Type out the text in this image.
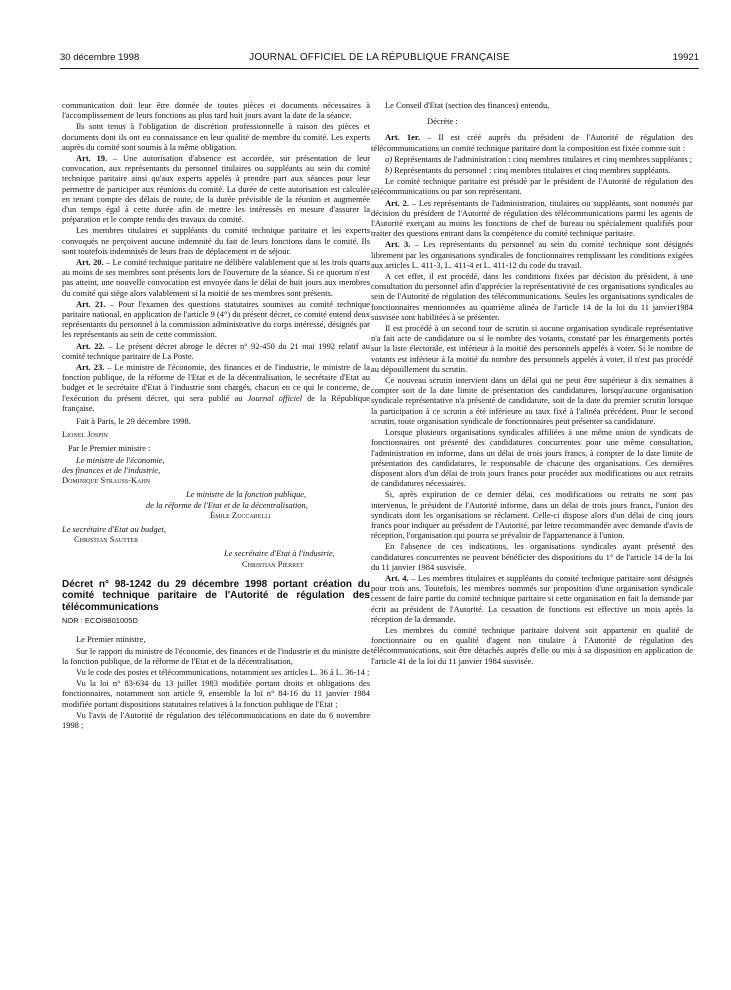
30 décembre 1998	JOURNAL OFFICIEL DE LA RÉPUBLIQUE FRANÇAISE	19921

communication doit leur être donnée de toutes pièces et documents nécessaires à l'accomplissement de leurs fonctions au plus tard huit jours avant la date de la séance.

Ils sont tenus à l'obligation de discrétion professionnelle à raison des pièces et documents dont ils ont eu connaissance en leur qualité de membre du comité. Les experts auprès du comité sont soumis à la même obligation.

Art. 19. – Une autorisation d'absence est accordée, sur présentation de leur convocation, aux représentants du personnel titulaires ou suppléants au sein du comité technique paritaire ainsi qu'aux experts appelés à prendre part aux séances pour leur permettre de participer aux réunions du comité. La durée de cette autorisation est calculée en tenant compte des délais de route, de la durée prévisible de la réunion et augmentée d'un temps égal à cette durée afin de mettre les intéressés en mesure d'assurer la préparation et le compte rendu des travaux du comité.

Les membres titulaires et suppléants du comité technique paritaire et les experts convoqués ne perçoivent aucune indemnité du fait de leurs fonctions dans le comité. Ils sont toutefois indemnisés de leurs frais de déplacement et de séjour.

Art. 20. – Le comité technique paritaire ne délibère valablement que si les trois quarts au moins de ses membres sont présents lors de l'ouverture de la séance. Si ce quorum n'est pas atteint, une nouvelle convocation est envoyée dans le délai de huit jours aux membres du comité qui siège alors valablement si la moitié de ses membres sont présents.

Art. 21. – Pour l'examen des questions statutaires soumises au comité technique paritaire national, en application de l'article 9 (4°) du présent décret, ce comité entend deux représentants du personnel à la commission administrative du corps intéressé, désignés par les représentants au sein de cette commission.

Art. 22. – Le présent décret abroge le décret n° 92-450 du 21 mai 1992 relatif au comité technique paritaire de La Poste.

Art. 23. – Le ministre de l'économie, des finances et de l'industrie, le ministre de la fonction publique, de la réforme de l'Etat et de la décentralisation, le secrétaire d'Etat au budget et le secrétaire d'Etat à l'industrie sont chargés, chacun en ce qui le concerne, de l'exécution du présent décret, qui sera publié au Journal officiel de la République française.

Fait à Paris, le 29 décembre 1998.

Lionel Jospin

Par le Premier ministre :

Le ministre de l'économie,

des finances et de l'industrie,

Dominique Strauss-Kahn

Le ministre de la fonction publique,

de la réforme de l'Etat et de la décentralisation,

Émile Zuccarelli

Le secrétaire d'Etat au budget,

Christian Sautter

Le secrétaire d'Etat à l'industrie,

Christian Pierret

Décret n° 98-1242 du 29 décembre 1998 portant création du comité technique paritaire de l'Autorité de régulation des télécommunications

NOR : ECOI9801005D

Le Premier ministre,

Sur le rapport du ministre de l'économie, des finances et de l'industrie et du ministre de la fonction publique, de la réforme de l'Etat et de la décentralisation,

Vu le code des postes et télécommunications, notamment ses articles L. 36 à L. 36-14 ;

Vu la loi n° 83-634 du 13 juillet 1983 modifiée portant droits et obligations des fonctionnaires, notamment son article 9, ensemble la loi n° 84-16 du 11 janvier 1984 modifiée portant dispositions statutaires relatives à la fonction publique de l'Etat ;

Vu l'avis de l'Autorité de régulation des télécommunications en date du 6 novembre 1998 ;

Le Conseil d'Etat (section des finances) entendu,

Décrète :

Art. 1er. – Il est créé auprès du président de l'Autorité de régulation des télécommunications un comité technique paritaire dont la composition est fixée comme suit :

a) Représentants de l'administration : cinq membres titulaires et cinq membres suppléants ;

b) Représentants du personnel : cinq membres titulaires et cinq membres suppléants.

Le comité technique paritaire est présidé par le président de l'Autorité de régulation des télécommunications ou par son représentant.

Art. 2. – Les représentants de l'administration, titulaires ou suppléants, sont nommés par décision du président de l'Autorité de régulation des télécommunications parmi les agents de l'Autorité exerçant au moins les fonctions de chef de bureau ou spécialement qualifiés pour traiter des questions entrant dans la compétence du comité technique paritaire.

Art. 3. – Les représentants du personnel au sein du comité technique sont désignés librement par les organisations syndicales de fonctionnaires remplissant les conditions exigées aux articles L. 411-3, L. 411-4 et L. 411-12 du code du travail.

A cet effet, il est procédé, dans les conditions fixées par décision du président, à une consultation du personnel afin d'apprécier la représentativité de ces organisations syndicales au sein de l'Autorité de régulation des télécommunications. Seules les organisations syndicales de fonctionnaires mentionnées au quatrième alinéa de l'article 14 de la loi du 11 janvier1984 susvisée sont habilitées à se présenter.

Il est procédé à un second tour de scrutin si aucune organisation syndicale représentative n'a fait acte de candidature ou si le nombre des votants, constaté par les émargements portés sur la liste électorale, est inférieur à la moitié des personnels appelés à voter. Si le nombre de votants est inférieur à la moitié du nombre des personnels appelés à voter, il n'est pas procédé au dépouillement du scrutin.

Ce nouveau scrutin intervient dans un délai qui ne peut être supérieur à dix semaines à compter soit de la date limite de présentation des candidatures, lorsqu'aucune organisation syndicale représentative n'a présenté de candidature, soit de la date du premier scrutin lorsque la participation à ce scrutin a été inférieure au taux fixé à l'alinéa précédent. Pour le second scrutin, toute organisation syndicale de fonctionnaires peut présenter sa candidature.

Lorsque plusieurs organisations syndicales affiliées à une même union de syndicats de fonctionnaires ont présenté des candidatures concurrentes pour une même consultation, l'administration en informe, dans un délai de trois jours francs, à compter de la date limite de présentation des candidatures, le responsable de chacune des organisations. Ces dernières disposent alors d'un délai de trois jours francs pour procéder aux modifications ou aux retraits de candidatures nécessaires.

Si, après expiration de ce dernier délai, ces modifications ou retraits ne sont pas intervenus, le président de l'Autorité informe, dans un délai de trois jours francs, l'union des syndicats dont les organisations se réclament. Celle-ci dispose alors d'un délai de cinq jours francs pour indiquer au président de l'Autorité, par lettre recommandée avec demande d'avis de réception, l'organisation qui pourra se prévaloir de l'appartenance à l'union.

En l'absence de ces indications, les organisations syndicales ayant présenté des candidatures concurrentes ne peuvent bénéficier des dispositions du 1° de l'article 14 de la loi du 11 janvier 1984 susvisée.

Art. 4. – Les membres titulaires et suppléants du comité technique paritaire sont désignés pour trois ans. Toutefois, les membres nommés sur proposition d'une organisation syndicale cessent de faire partie du comité technique paritaire si cette organisation en fait la demande par écrit au président de l'Autorité. La cessation de fonctions est effective un mois après la réception de la demande.

Les membres du comité technique paritaire doivent soit appartenir en qualité de fonctionnaire ou en qualité d'agent non titulaire à l'Autorité de régulation des télécommunications, soit être détachés auprès d'elle ou mis à sa disposition en application de l'article 41 de la loi du 11 janvier 1984 susvisée.
